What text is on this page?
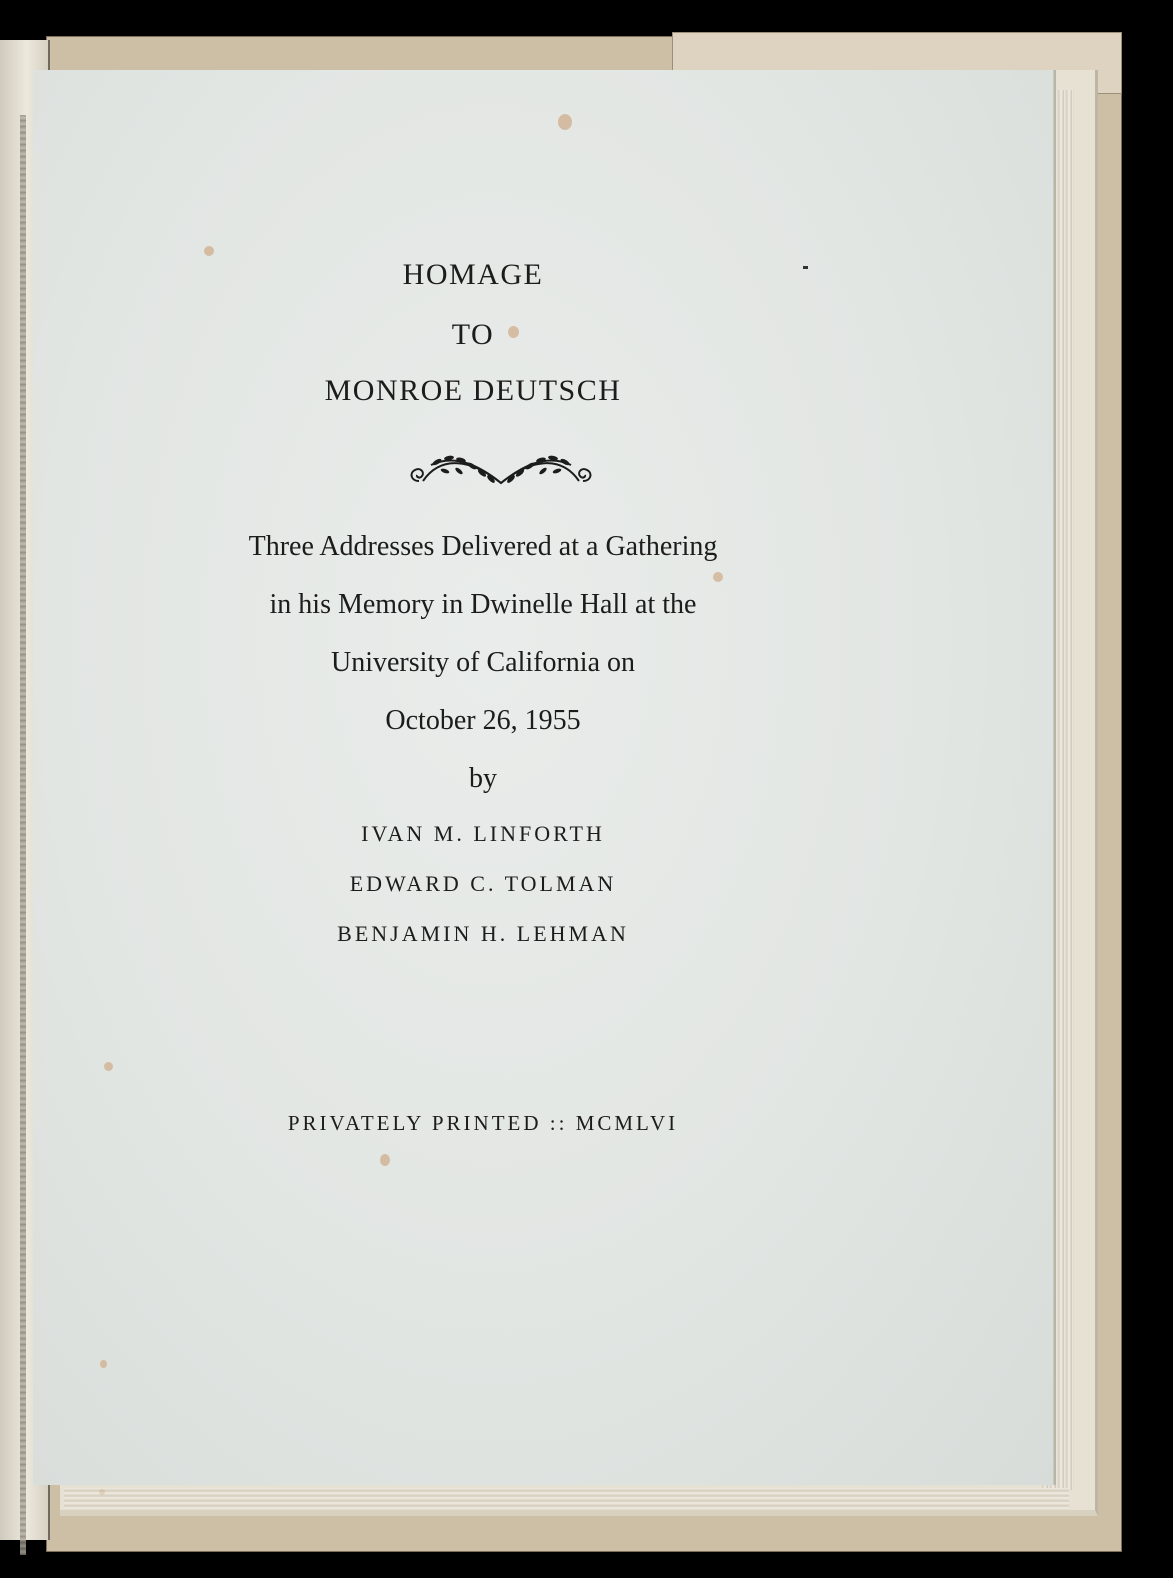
HOMAGE
TO
MONROE DEUTSCH
Three Addresses Delivered at a Gathering
in his Memory in Dwinelle Hall at the
University of California on
October 26, 1955
by
IVAN M. LINFORTH
EDWARD C. TOLMAN
BENJAMIN H. LEHMAN
PRIVATELY PRINTED :: MCMLVI
